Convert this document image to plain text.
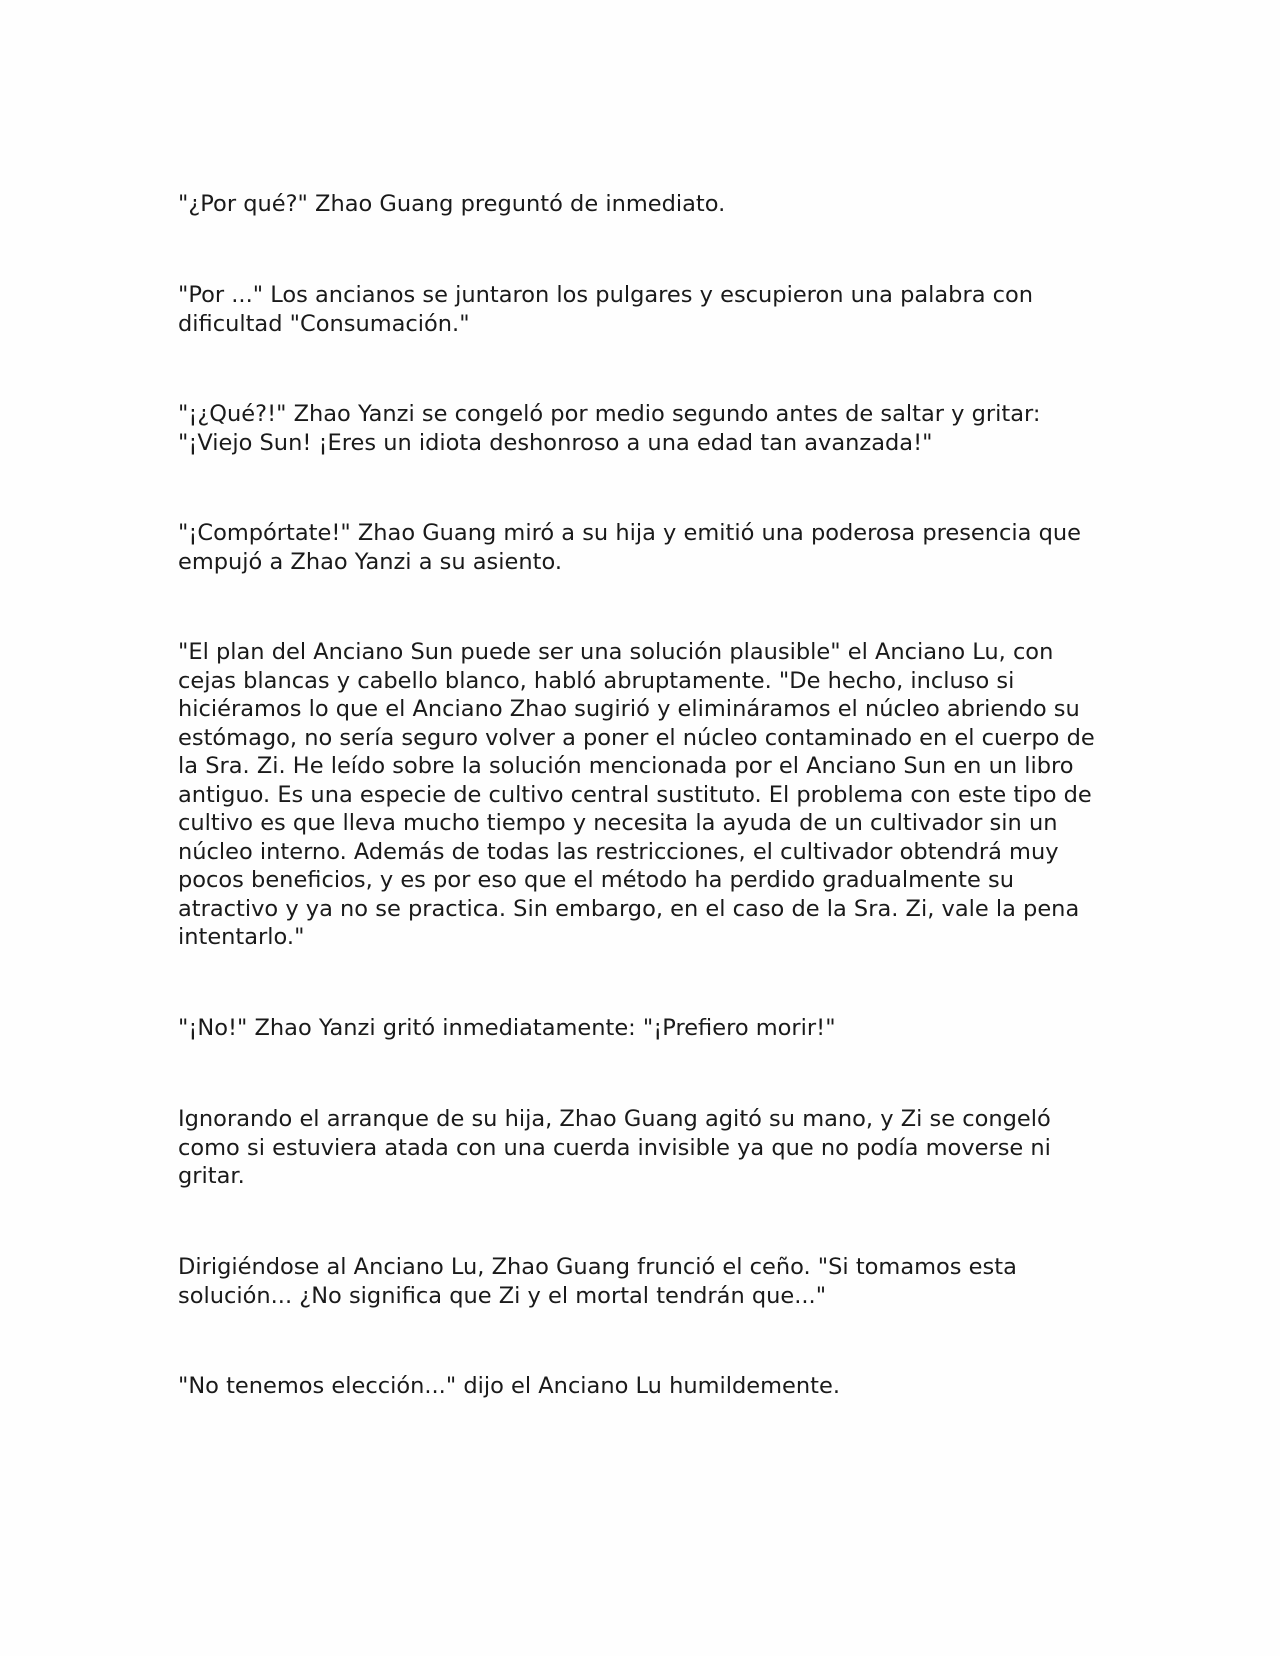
"¿Por qué?" Zhao Guang preguntó de inmediato.

"Por ..." Los ancianos se juntaron los pulgares y escupieron una palabra con dificultad "Consumación."

"¡¿Qué?!" Zhao Yanzi se congeló por medio segundo antes de saltar y gritar: "¡Viejo Sun! ¡Eres un idiota deshonroso a una edad tan avanzada!"

"¡Compórtate!" Zhao Guang miró a su hija y emitió una poderosa presencia que empujó a Zhao Yanzi a su asiento.

"El plan del Anciano Sun puede ser una solución plausible" el Anciano Lu, con cejas blancas y cabello blanco, habló abruptamente. "De hecho, incluso si hiciéramos lo que el Anciano Zhao sugirió y elimináramos el núcleo abriendo su estómago, no sería seguro volver a poner el núcleo contaminado en el cuerpo de la Sra. Zi. He leído sobre la solución mencionada por el Anciano Sun en un libro antiguo. Es una especie de cultivo central sustituto. El problema con este tipo de cultivo es que lleva mucho tiempo y necesita la ayuda de un cultivador sin un núcleo interno. Además de todas las restricciones, el cultivador obtendrá muy pocos beneficios, y es por eso que el método ha perdido gradualmente su atractivo y ya no se practica. Sin embargo, en el caso de la Sra. Zi, vale la pena intentarlo."

"¡No!" Zhao Yanzi gritó inmediatamente: "¡Prefiero morir!"

Ignorando el arranque de su hija, Zhao Guang agitó su mano, y Zi se congeló como si estuviera atada con una cuerda invisible ya que no podía moverse ni gritar.

Dirigiéndose al Anciano Lu, Zhao Guang frunció el ceño. "Si tomamos esta solución... ¿No significa que Zi y el mortal tendrán que..."

"No tenemos elección..." dijo el Anciano Lu humildemente.
